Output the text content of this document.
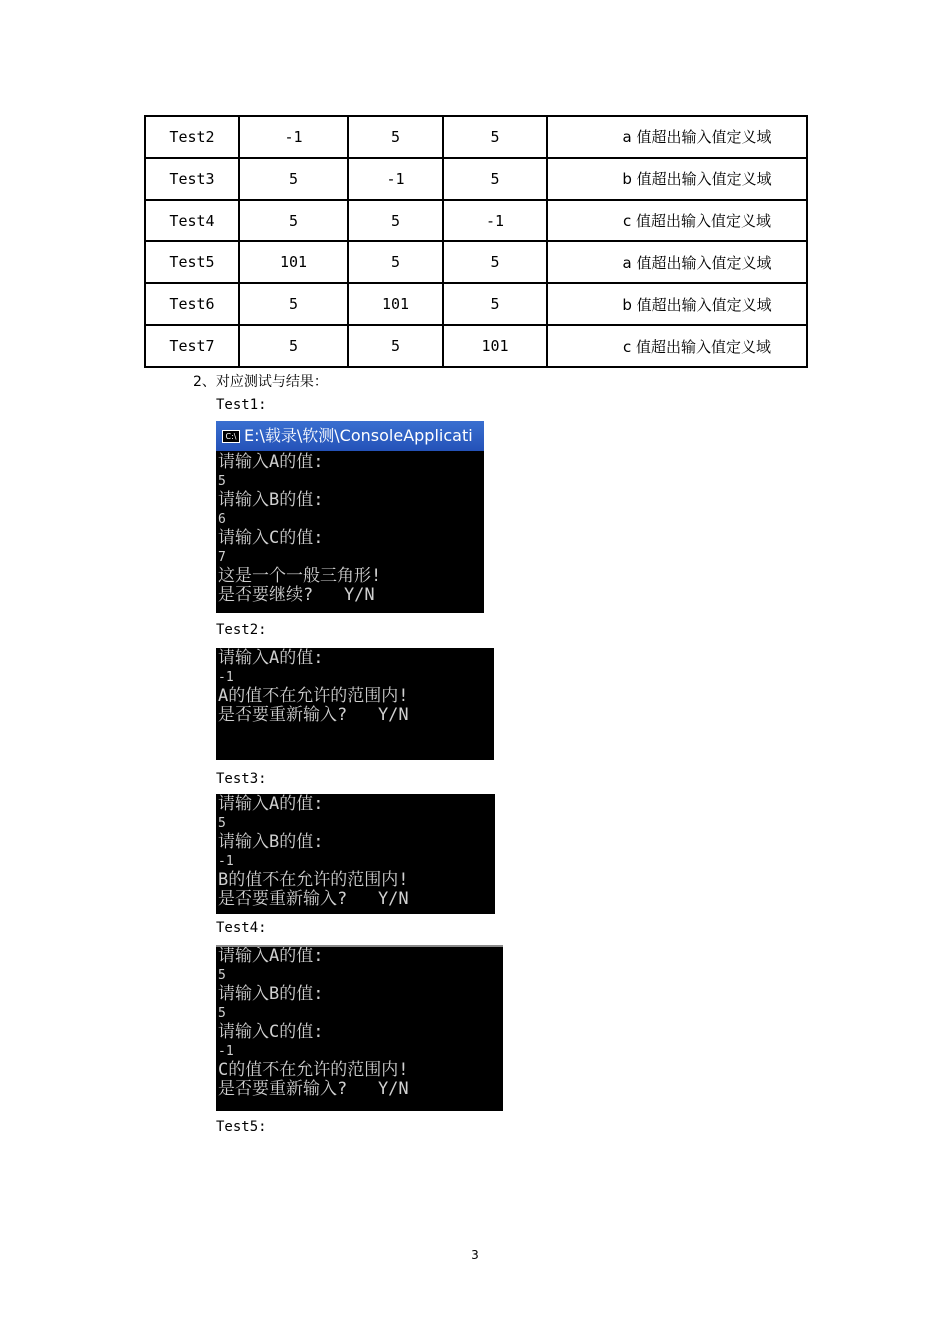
Test2	-1	5	5	a 值超出输入值定义域
Test3	5	-1	5	b 值超出输入值定义域
Test4	5	5	-1	c 值超出输入值定义域
Test5	101	5	5	a 值超出输入值定义域
Test6	5	101	5	b 值超出输入值定义域
Test7	5	5	101	c 值超出输入值定义域
2、对应测试与结果：
Test1:
C:\ E:\载录\软测\ConsoleApplicati
请输入A的值:
5
请输入B的值:
6
请输入C的值:
7
这是一个一般三角形!
是否要继续?   Y/N
Test2:
请输入A的值:
-1
A的值不在允许的范围内!
是否要重新输入?   Y/N
Test3:
请输入A的值:
5
请输入B的值:
-1
B的值不在允许的范围内!
是否要重新输入?   Y/N
Test4:
请输入A的值:
5
请输入B的值:
5
请输入C的值:
-1
C的值不在允许的范围内!
是否要重新输入?   Y/N
Test5:
3
